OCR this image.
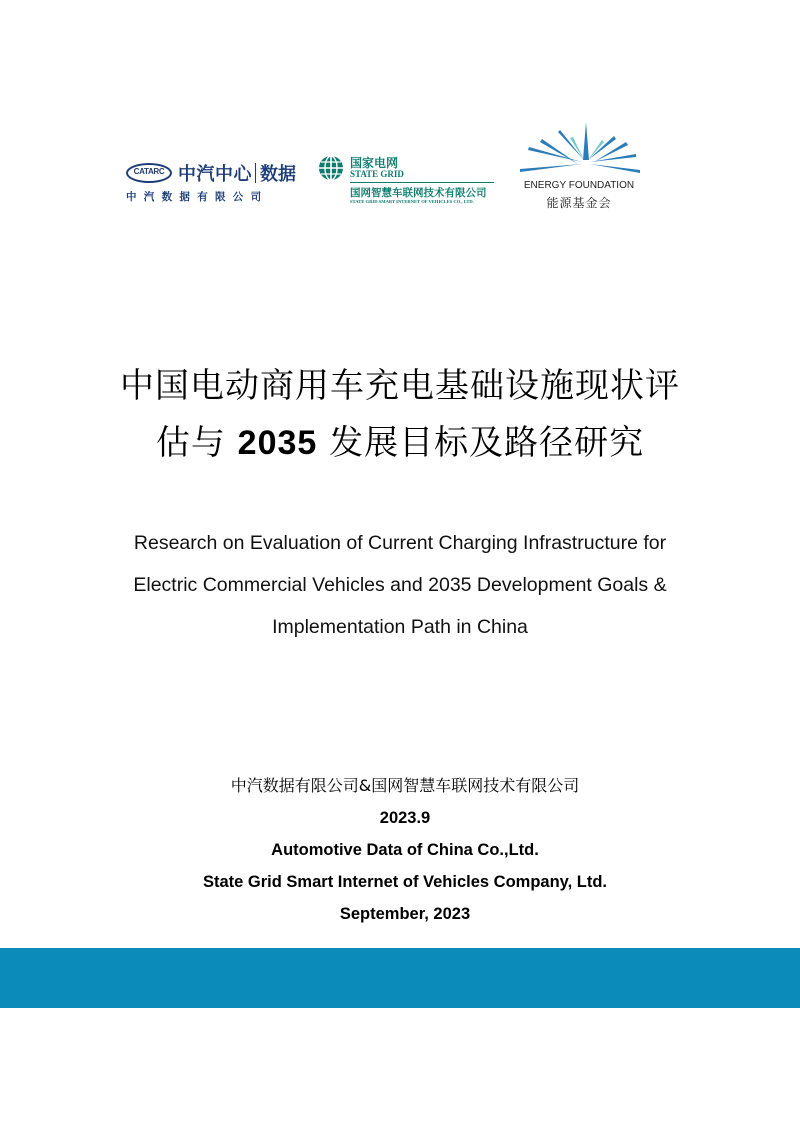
CATARC 中汽中心 数据
中汽数据有限公司
国家电网
STATE GRID
国网智慧车联网技术有限公司
STATE GRID SMART INTERNET OF VEHICLES CO., LTD.
ENERGY FOUNDATION
能源基金会
中国电动商用车充电基础设施现状评
估与 2035 发展目标及路径研究

Research on Evaluation of Current Charging Infrastructure for
Electric Commercial Vehicles and 2035 Development Goals &
Implementation Path in China

中汽数据有限公司&国网智慧车联网技术有限公司
2023.9
Automotive Data of China Co.,Ltd.
State Grid Smart Internet of Vehicles Company, Ltd.
September, 2023
